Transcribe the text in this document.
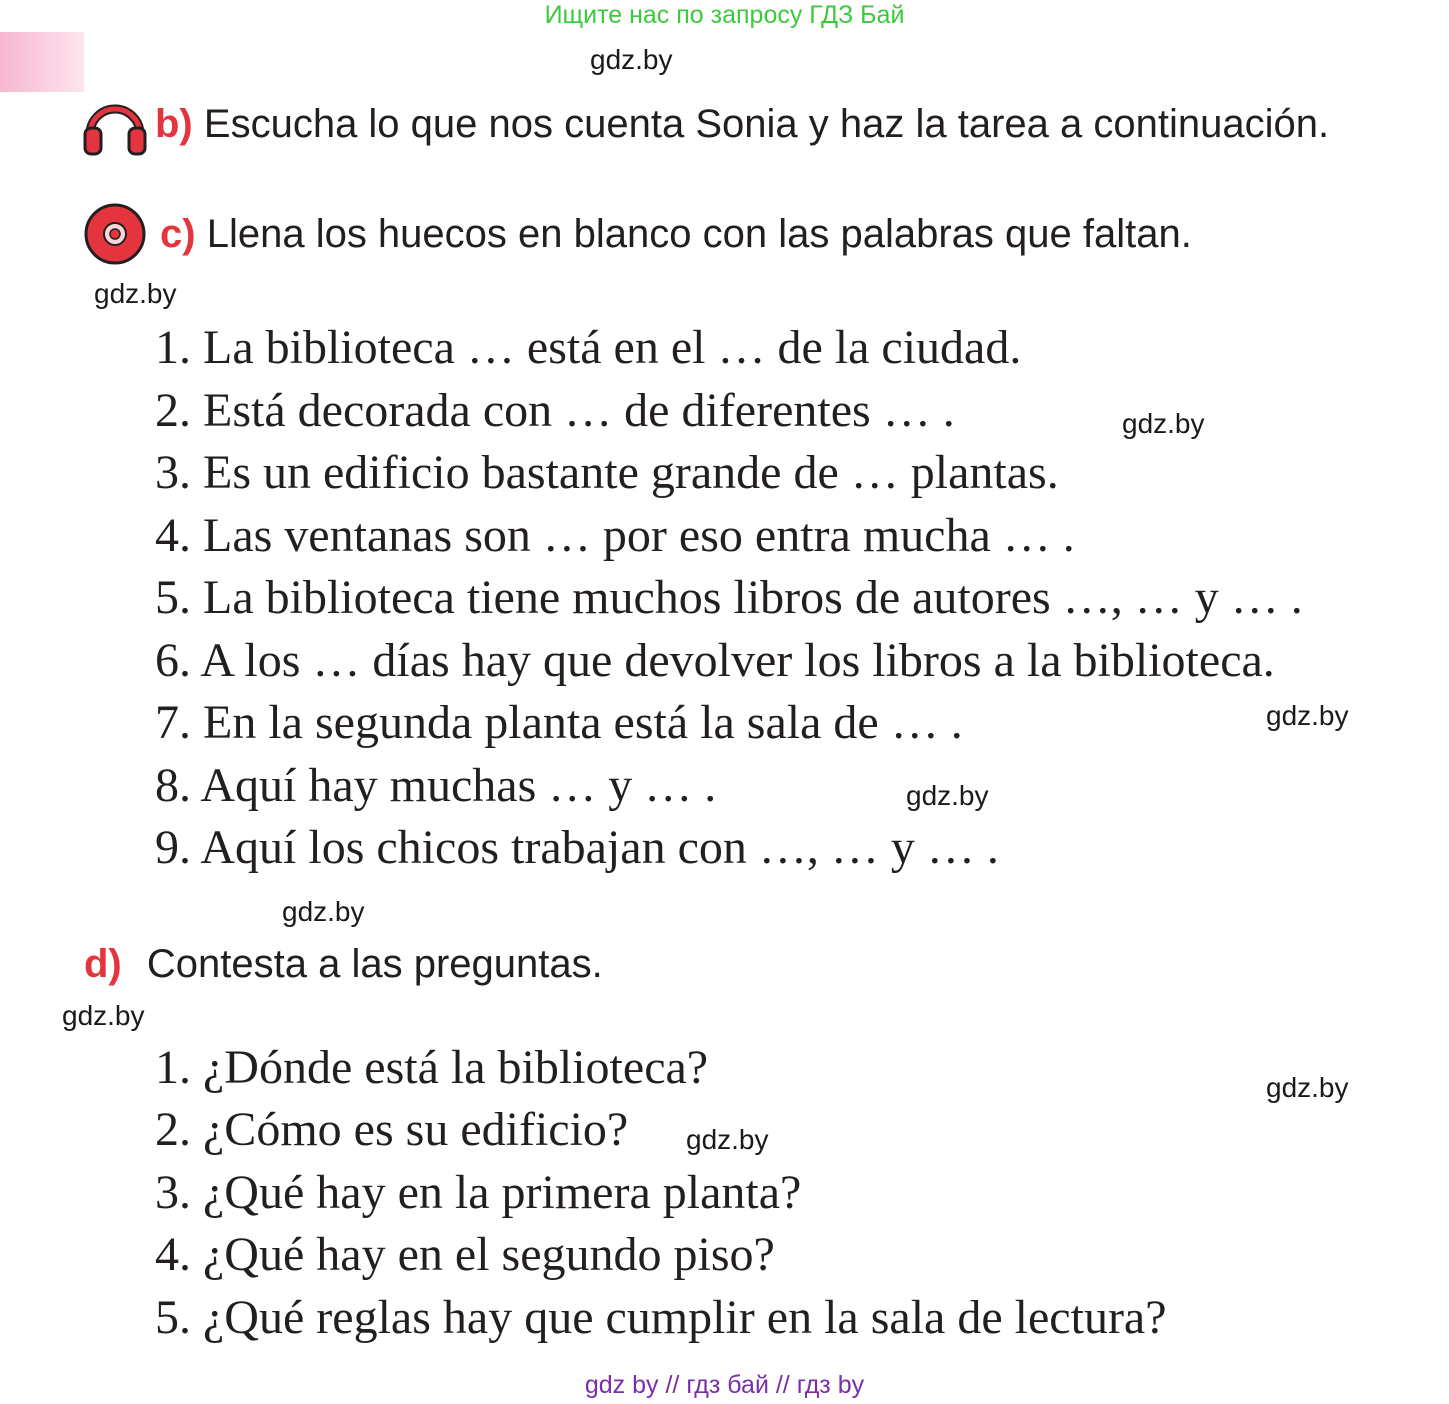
Ищите нас по запросу ГДЗ Бай
gdz.by
gdz.by
gdz.by
gdz.by
gdz.by
gdz.by
gdz.by
gdz.by
gdz.by
b) Escucha lo que nos cuenta Sonia y haz la tarea a continuación.
c) Llena los huecos en blanco con las palabras que faltan.
1. La biblioteca … está en el … de la ciudad.
2. Está decorada con … de diferentes … .
3. Es un edificio bastante grande de … plantas.
4. Las ventanas son … por eso entra mucha … .
5. La biblioteca tiene muchos libros de autores …, … y … .
6. A los … días hay que devolver los libros a la biblioteca.
7. En la segunda planta está la sala de … .
8. Aquí hay muchas … y … .
9. Aquí los chicos trabajan con …, … y … .
d) Contesta a las preguntas.
1. ¿Dónde está la biblioteca?
2. ¿Cómo es su edificio?
3. ¿Qué hay en la primera planta?
4. ¿Qué hay en el segundo piso?
5. ¿Qué reglas hay que cumplir en la sala de lectura?
gdz by // гдз бай // гдз by
